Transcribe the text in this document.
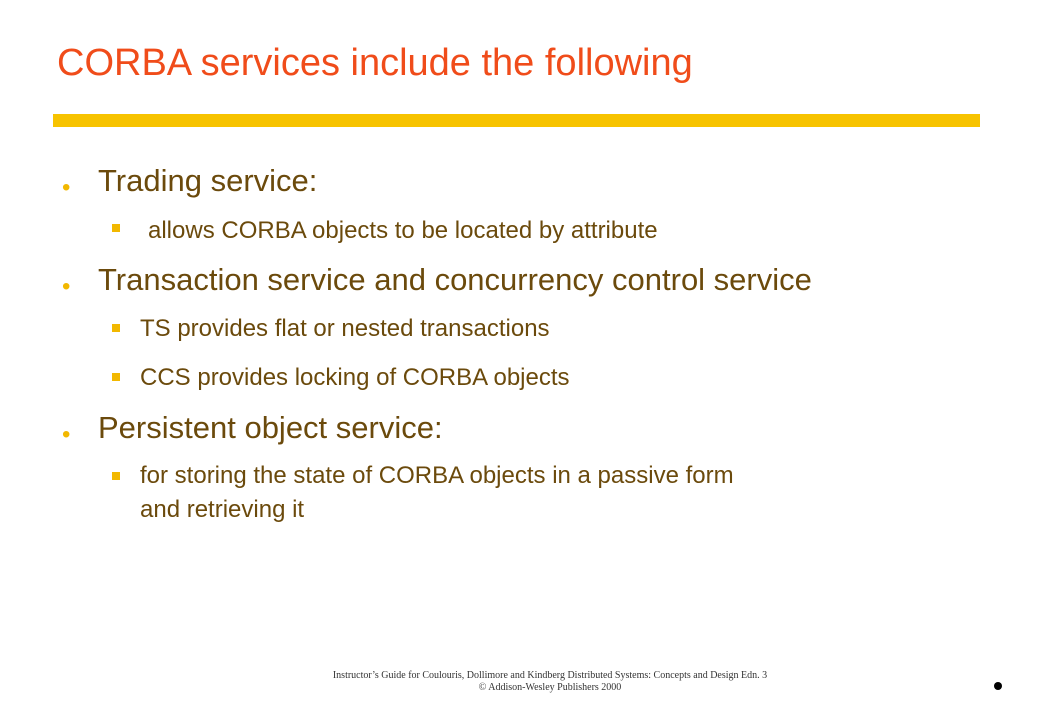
CORBA services include the following
• Trading service:
allows CORBA objects to be located by attribute
• Transaction service and concurrency control service
TS provides flat or nested transactions
CCS provides locking of CORBA objects
• Persistent object service:
for storing the state of CORBA objects in a passive form
and retrieving it
Instructor’s Guide for Coulouris, Dollimore and Kindberg Distributed Systems: Concepts and Design Edn. 3
© Addison-Wesley Publishers 2000
